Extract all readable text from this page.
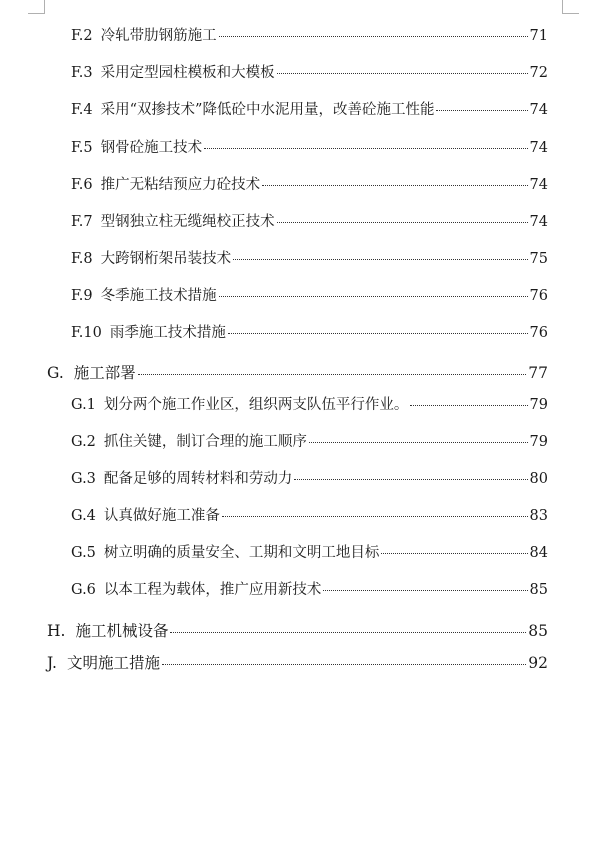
F.2 冷轧带肋钢筋施工	71
F.3 采用定型园柱模板和大模板	72
F.4 采用“双掺技术”降低砼中水泥用量，改善砼施工性能	74
F.5 钢骨砼施工技术	74
F.6 推广无粘结预应力砼技术	74
F.7 型钢独立柱无缆绳校正技术	74
F.8 大跨钢桁架吊装技术	75
F.9 冬季施工技术措施	76
F.10 雨季施工技术措施	76
G. 施工部署	77
G.1 划分两个施工作业区，组织两支队伍平行作业。	79
G.2 抓住关键，制订合理的施工顺序	79
G.3 配备足够的周转材料和劳动力	80
G.4 认真做好施工准备	83
G.5 树立明确的质量安全、工期和文明工地目标	84
G.6 以本工程为载体，推广应用新技术	85
H. 施工机械设备	85
J. 文明施工措施	92
